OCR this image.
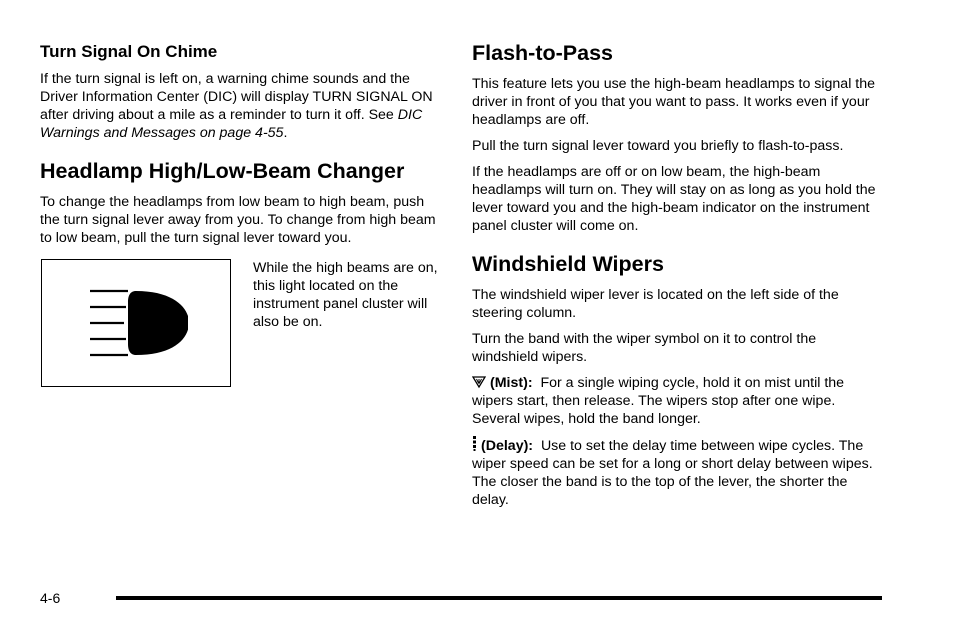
Turn Signal On Chime

If the turn signal is left on, a warning chime sounds and the Driver Information Center (DIC) will display TURN SIGNAL ON after driving about a mile as a reminder to turn it off. See DIC Warnings and Messages on page 4-55.

Headlamp High/Low-Beam Changer

To change the headlamps from low beam to high beam, push the turn signal lever away from you. To change from high beam to low beam, pull the turn signal lever toward you.

While the high beams are on, this light located on the instrument panel cluster will also be on.

Flash-to-Pass

This feature lets you use the high-beam headlamps to signal the driver in front of you that you want to pass. It works even if your headlamps are off.

Pull the turn signal lever toward you briefly to flash-to-pass.

If the headlamps are off or on low beam, the high-beam headlamps will turn on. They will stay on as long as you hold the lever toward you and the high-beam indicator on the instrument panel cluster will come on.

Windshield Wipers

The windshield wiper lever is located on the left side of the steering column.

Turn the band with the wiper symbol on it to control the windshield wipers.

(Mist): For a single wiping cycle, hold it on mist until the wipers start, then release. The wipers stop after one wipe. Several wipes, hold the band longer.

(Delay): Use to set the delay time between wipe cycles. The wiper speed can be set for a long or short delay between wipes. The closer the band is to the top of the lever, the shorter the delay.

4-6
